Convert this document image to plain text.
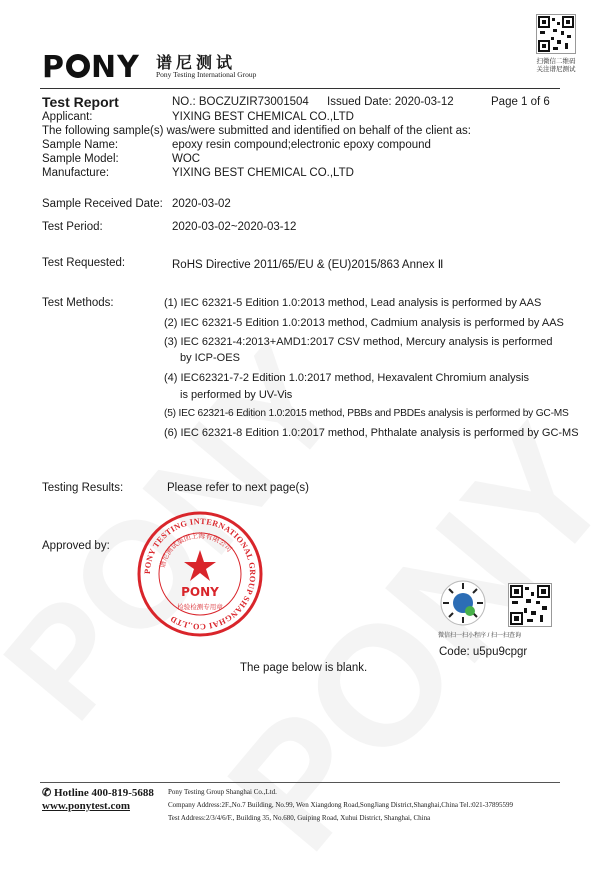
P NY 谱尼测试
Pony Testing International Group
扫微信二维码
关注谱尼测试
Test Report	NO.: BOCZUZIR73001504 Issued Date: 2020-03-12	Page 1 of 6
Applicant:	YIXING BEST CHEMICAL CO.,LTD
The following sample(s) was/were submitted and identified on behalf of the client as:
Sample Name:	epoxy resin compound;electronic epoxy compound
Sample Model:	WOC
Manufacture:	YIXING BEST CHEMICAL CO.,LTD
Sample Received Date: 2020-03-02
Test Period:	2020-03-02~2020-03-12
Test Requested:	RoHS Directive 2011/65/EU & (EU)2015/863 Annex Ⅱ
Test Methods:	(1) IEC 62321-5 Edition 1.0:2013 method, Lead analysis is performed by AAS
(2) IEC 62321-5 Edition 1.0:2013 method, Cadmium analysis is performed by AAS
(3) IEC 62321-4:2013+AMD1:2017 CSV method, Mercury analysis is performed
by ICP-OES
(4) IEC62321-7-2 Edition 1.0:2017 method, Hexavalent Chromium analysis
is performed by UV-Vis
(5) IEC 62321-6 Edition 1.0:2015 method, PBBs and PBDEs analysis is performed by GC-MS
(6) IEC 62321-8 Edition 1.0:2017 method, Phthalate analysis is performed by GC-MS
Testing Results:	Please refer to next page(s)
Approved by:
PONY TESTING INTERNATIONAL GROUP SHANGHAI CO.,LTD
谱尼测试集团上海有限公司
PONY
检验检测专用章
微信扫一扫小程序 / 扫一扫查询
Code: u5pu9cpgr
The page below is blank.
✆ Hotline 400-819-5688
www.ponytest.com
Pony Testing Group Shanghai Co.,Ltd.
Company Address:2F.,No.7 Building, No.99, Wen Xiangdong Road,SongJiang District,Shanghai,China Tel.:021-37895599
Test Address:2/3/4/6/F., Building 35, No.680, Guiping Road, Xuhui District, Shanghai, China
